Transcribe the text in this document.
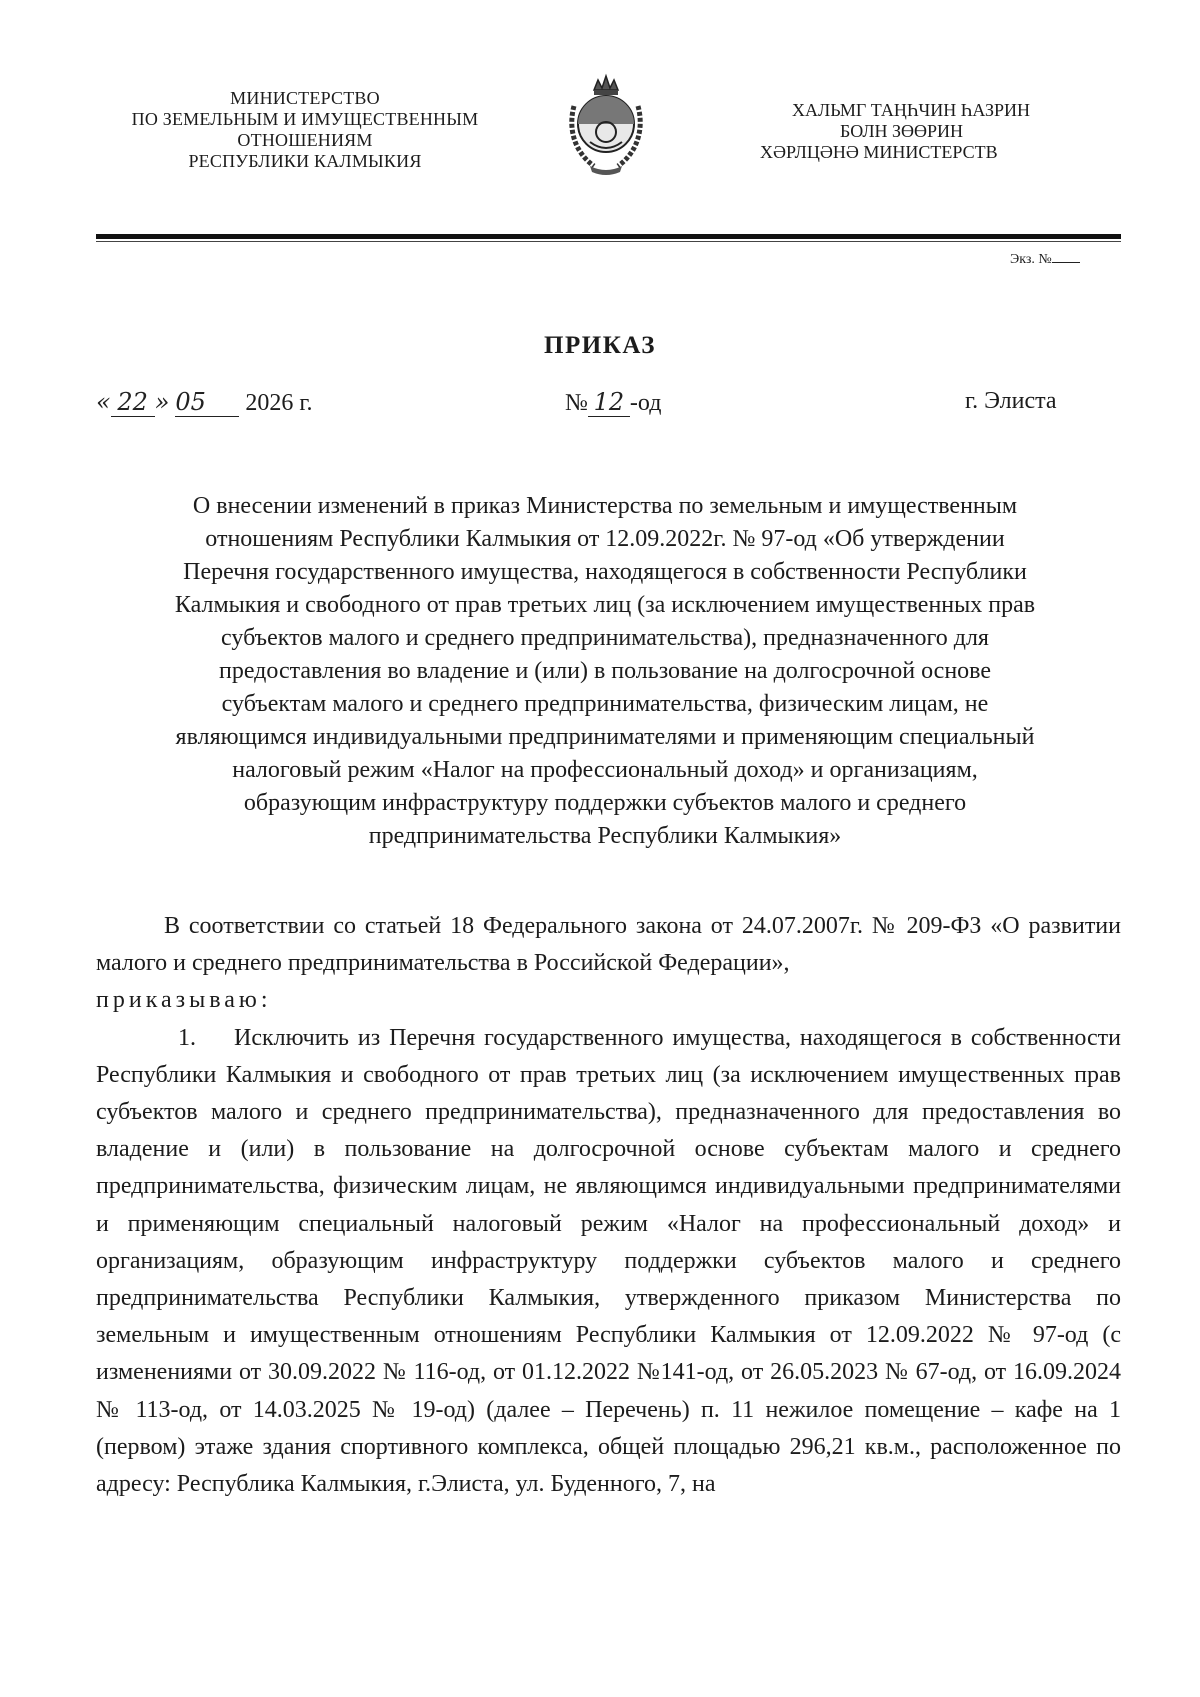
МИНИСТЕРСТВО
ПО ЗЕМЕЛЬНЫМ И ИМУЩЕСТВЕННЫМ
ОТНОШЕНИЯМ
РЕСПУБЛИКИ КАЛМЫКИЯ
ХАЛЬМГ ТАҢҺЧИН ҺАЗРИН
БОЛН ЗӨӨРИН
ХӘРЛЦӘНӘ МИНИСТЕРСТВ
Экз. №
ПРИКАЗ
« 22 » 05 2026 г.	№ 12 -од	г. Элиста
О внесении изменений в приказ Министерства по земельным и имущественным
отношениям Республики Калмыкия от 12.09.2022г. № 97-од «Об утверждении
Перечня государственного имущества, находящегося в собственности Республики
Калмыкия и свободного от прав третьих лиц (за исключением имущественных прав
субъектов малого и среднего предпринимательства), предназначенного для
предоставления во владение и (или) в пользование на долгосрочной основе
субъектам малого и среднего предпринимательства, физическим лицам, не
являющимся индивидуальными предпринимателями и применяющим специальный
налоговый режим «Налог на профессиональный доход» и организациям,
образующим инфраструктуру поддержки субъектов малого и среднего
предпринимательства Республики Калмыкия»

В соответствии со статьей 18 Федерального закона от 24.07.2007г. № 209-ФЗ «О развитии малого и среднего предпринимательства в Российской Федерации»,

приказываю:

1. Исключить из Перечня государственного имущества, находящегося в собственности Республики Калмыкия и свободного от прав третьих лиц (за исключением имущественных прав субъектов малого и среднего предпринимательства), предназначенного для предоставления во владение и (или) в пользование на долгосрочной основе субъектам малого и среднего предпринимательства, физическим лицам, не являющимся индивидуальными предпринимателями и применяющим специальный налоговый режим «Налог на профессиональный доход» и организациям, образующим инфраструктуру поддержки субъектов малого и среднего предпринимательства Республики Калмыкия, утвержденного приказом Министерства по земельным и имущественным отношениям Республики Калмыкия от 12.09.2022 № 97-од (с изменениями от 30.09.2022 № 116-од, от 01.12.2022 №141-од, от 26.05.2023 № 67-од, от 16.09.2024 № 113-од, от 14.03.2025 № 19-од) (далее – Перечень) п. 11 нежилое помещение – кафе на 1 (первом) этаже здания спортивного комплекса, общей площадью 296,21 кв.м., расположенное по адресу: Республика Калмыкия, г.Элиста, ул. Буденного, 7, на
